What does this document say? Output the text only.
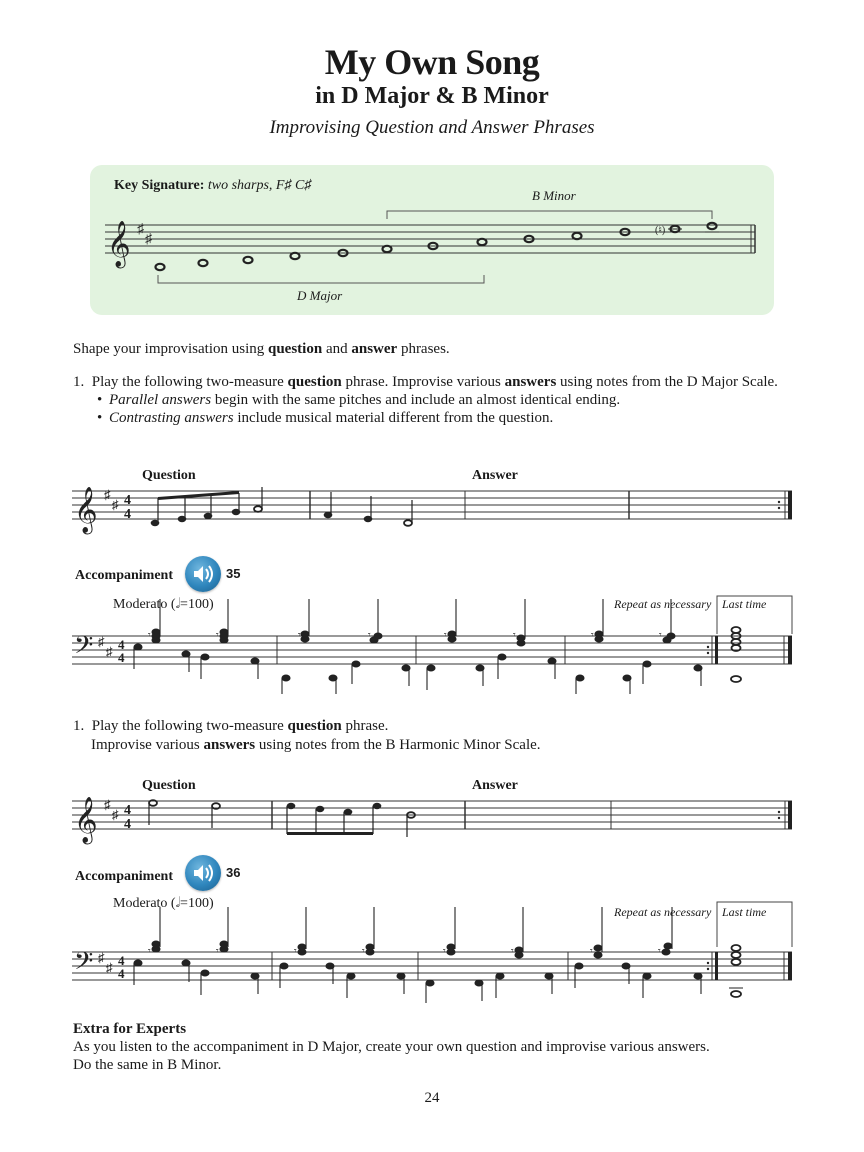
My Own Song
in D Major & B Minor
Improvising Question and Answer Phrases
Key Signature: two sharps, F♯ C♯
B Minor
D Major
𝄞 ♯
♯
(♮)
Shape your improvisation using question and answer phrases.
1. Play the following two-measure question phrase. Improvise various answers using notes from the D Major Scale.
• Parallel answers begin with the same pitches and include an almost identical ending.
• Contrasting answers include musical material different from the question.
Question	Answer
𝄞 ♯
♯ 4
4
Accompaniment	35
Moderato (𝅗𝅥=100)	Repeat as necessary Last time
𝄢 ♯
♯ 4
4
𝄾	𝄾	𝄾	𝄾	𝄾	𝄾	𝄾	𝄾
1. Play the following two-measure question phrase.
Improvise various answers using notes from the B Harmonic Minor Scale.
Question	Answer
𝄞 ♯
♯ 4
4
Accompaniment	36
Moderato (𝅗𝅥=100)
Repeat as necessary Last time
𝄢 ♯
♯ 4
4
𝄾	𝄾	𝄾	𝄾	𝄾	𝄾	𝄾	𝄾
Extra for Experts
As you listen to the accompaniment in D Major, create your own question and improvise various answers.
Do the same in B Minor.
24
